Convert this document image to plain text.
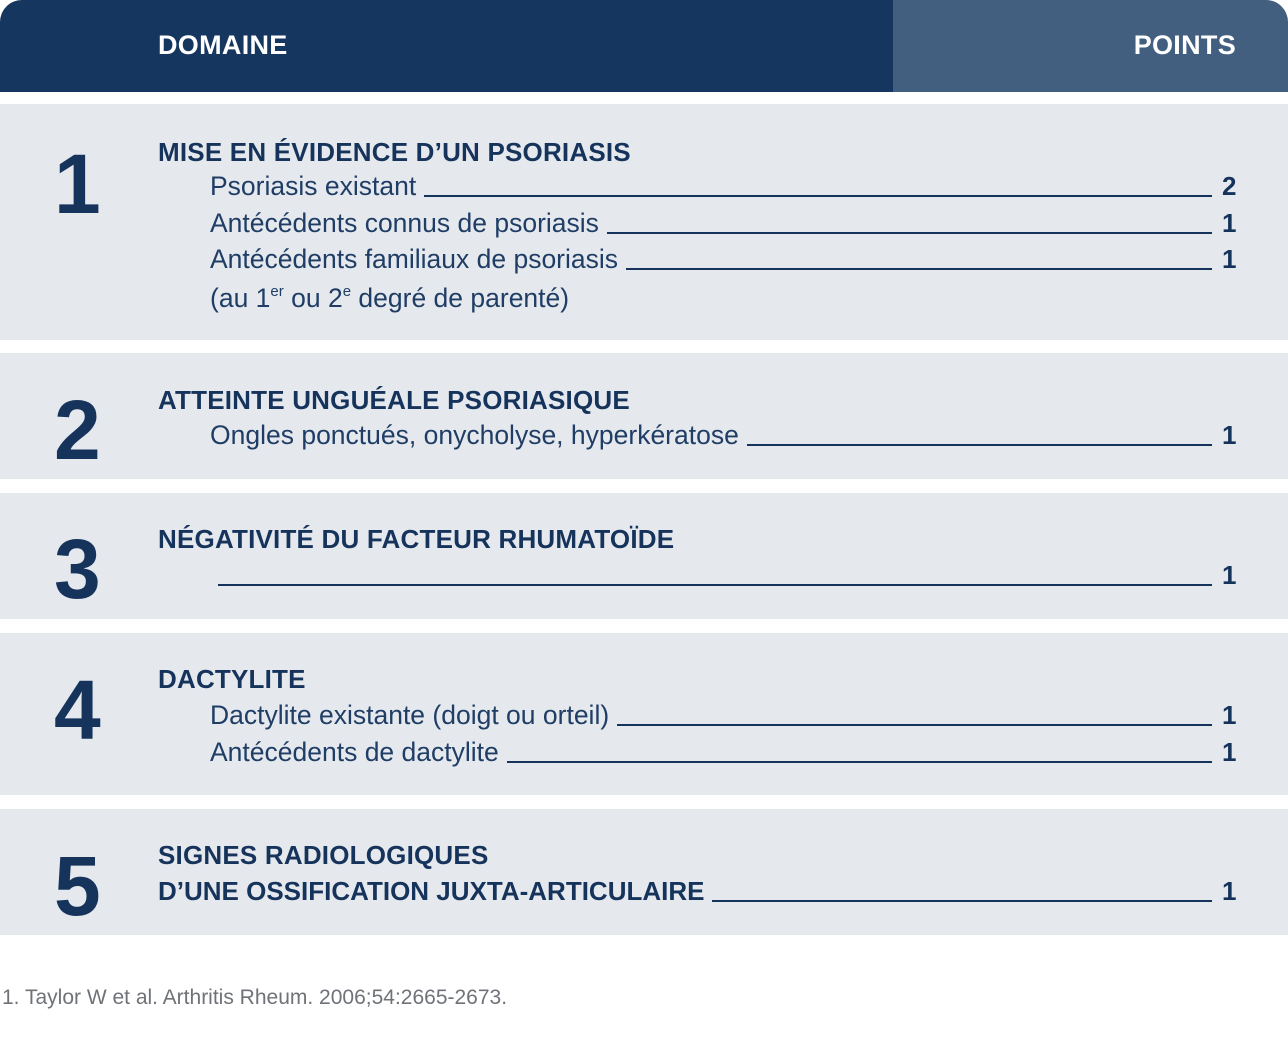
DOMAINE	POINTS
1 MISE EN ÉVIDENCE D’UN PSORIASIS
Psoriasis existant	2
Antécédents connus de psoriasis	1
Antécédents familiaux de psoriasis	1
(au 1er ou 2e degré de parenté)
2 ATTEINTE UNGUÉALE PSORIASIQUE
Ongles ponctués, onycholyse, hyperkératose	1
3 NÉGATIVITÉ DU FACTEUR RHUMATOÏDE
1
4 DACTYLITE
Dactylite existante (doigt ou orteil)	1
Antécédents de dactylite	1
5 SIGNES RADIOLOGIQUES
D’UNE OSSIFICATION JUXTA-ARTICULAIRE	1
1. Taylor W et al. Arthritis Rheum. 2006;54:2665-2673.
